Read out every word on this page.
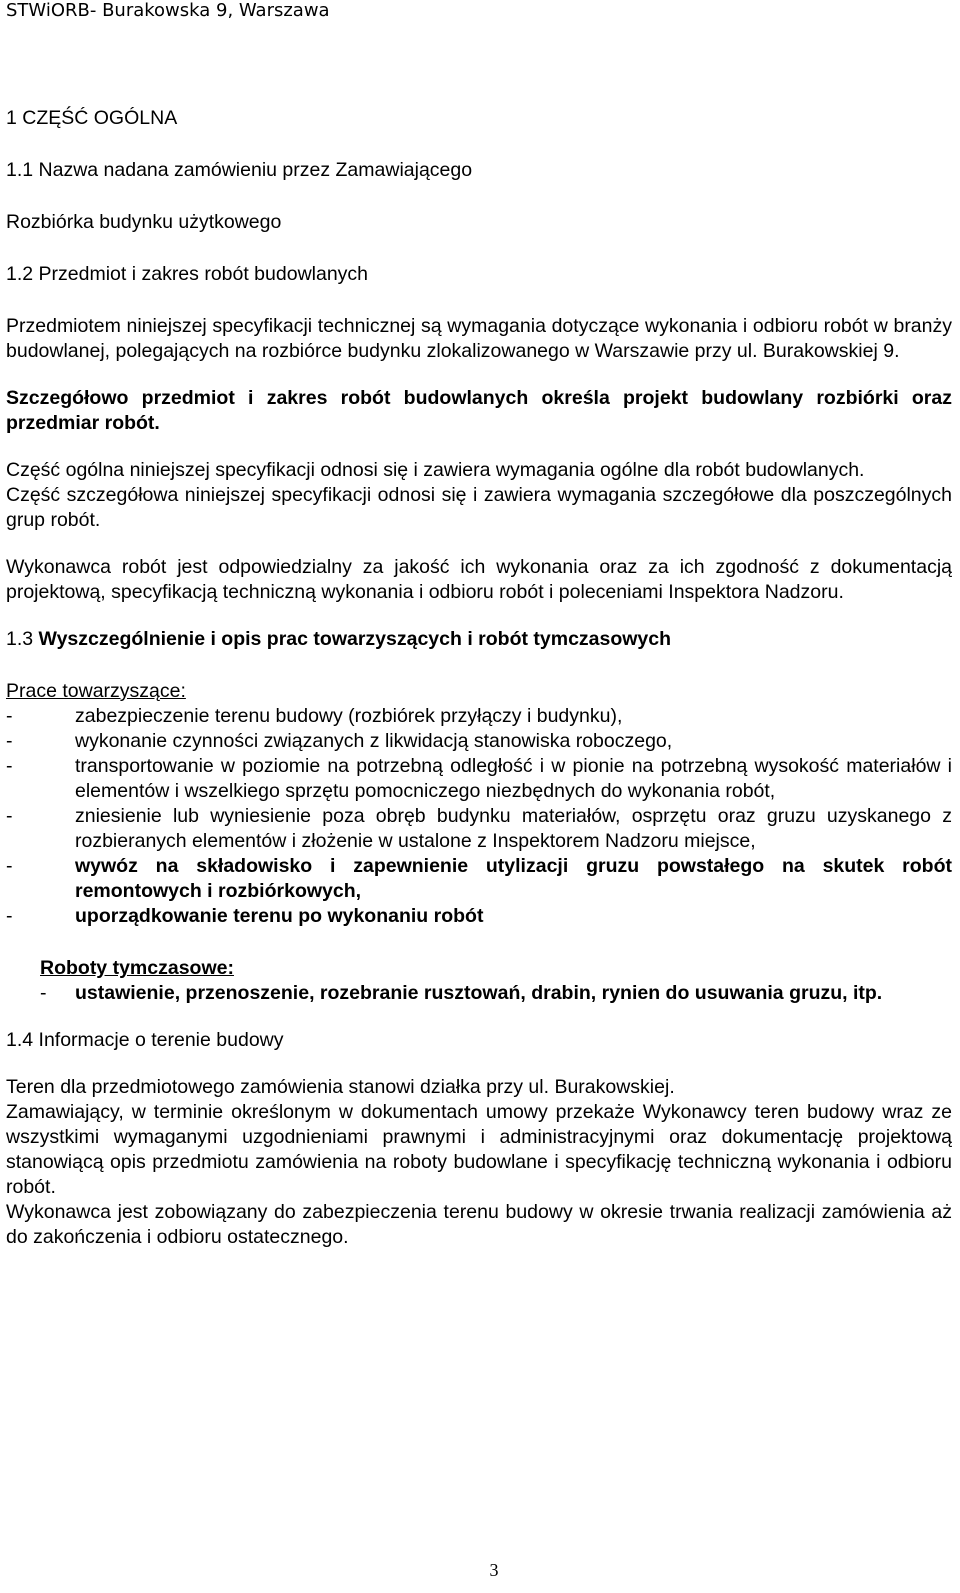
STWiORB- Burakowska 9, Warszawa

1 CZĘŚĆ OGÓLNA

1.1 Nazwa nadana zamówieniu przez Zamawiającego

Rozbiórka budynku użytkowego

1.2 Przedmiot i zakres robót budowlanych

Przedmiotem niniejszej specyfikacji technicznej są wymagania dotyczące wykonania i odbioru robót w branży budowlanej, polegających na rozbiórce budynku zlokalizowanego w Warszawie przy ul. Burakowskiej 9.

Szczegółowo przedmiot i zakres robót budowlanych określa projekt budowlany rozbiórki oraz przedmiar robót.

Część ogólna niniejszej specyfikacji odnosi się i zawiera wymagania ogólne dla robót budowlanych.

Część szczegółowa niniejszej specyfikacji odnosi się i zawiera wymagania szczegółowe dla poszczególnych grup robót.

Wykonawca robót jest odpowiedzialny za jakość ich wykonania oraz za ich zgodność z dokumentacją projektową, specyfikacją techniczną wykonania i odbioru robót i poleceniami Inspektora Nadzoru.

1.3 Wyszczególnienie i opis prac towarzyszących i robót tymczasowych

Prace towarzyszące:

-	zabezpieczenie terenu budowy (rozbiórek przyłączy i budynku),
-	wykonanie czynności związanych z likwidacją stanowiska roboczego,
-	transportowanie w poziomie na potrzebną odległość i w pionie na potrzebną wysokość materiałów i elementów i wszelkiego sprzętu pomocniczego niezbędnych do wykonania robót,
-	zniesienie lub wyniesienie poza obręb budynku materiałów, osprzętu oraz gruzu uzyskanego z rozbieranych elementów i złożenie w ustalone z Inspektorem Nadzoru miejsce,
-	wywóz na składowisko i zapewnienie utylizacji gruzu powstałego na skutek robót remontowych i rozbiórkowych,
-	uporządkowanie terenu po wykonaniu robót

Roboty tymczasowe:

- ustawienie, przenoszenie, rozebranie rusztowań, drabin, rynien do usuwania gruzu, itp.

1.4 Informacje o terenie budowy

Teren dla przedmiotowego zamówienia stanowi działka przy ul. Burakowskiej.

Zamawiający, w terminie określonym w dokumentach umowy przekaże Wykonawcy teren budowy wraz ze wszystkimi wymaganymi uzgodnieniami prawnymi i administracyjnymi oraz dokumentację projektową stanowiącą opis przedmiotu zamówienia na roboty budowlane i specyfikację techniczną wykonania i odbioru robót.

Wykonawca jest zobowiązany do zabezpieczenia terenu budowy w okresie trwania realizacji zamówienia aż do zakończenia i odbioru ostatecznego.

3
